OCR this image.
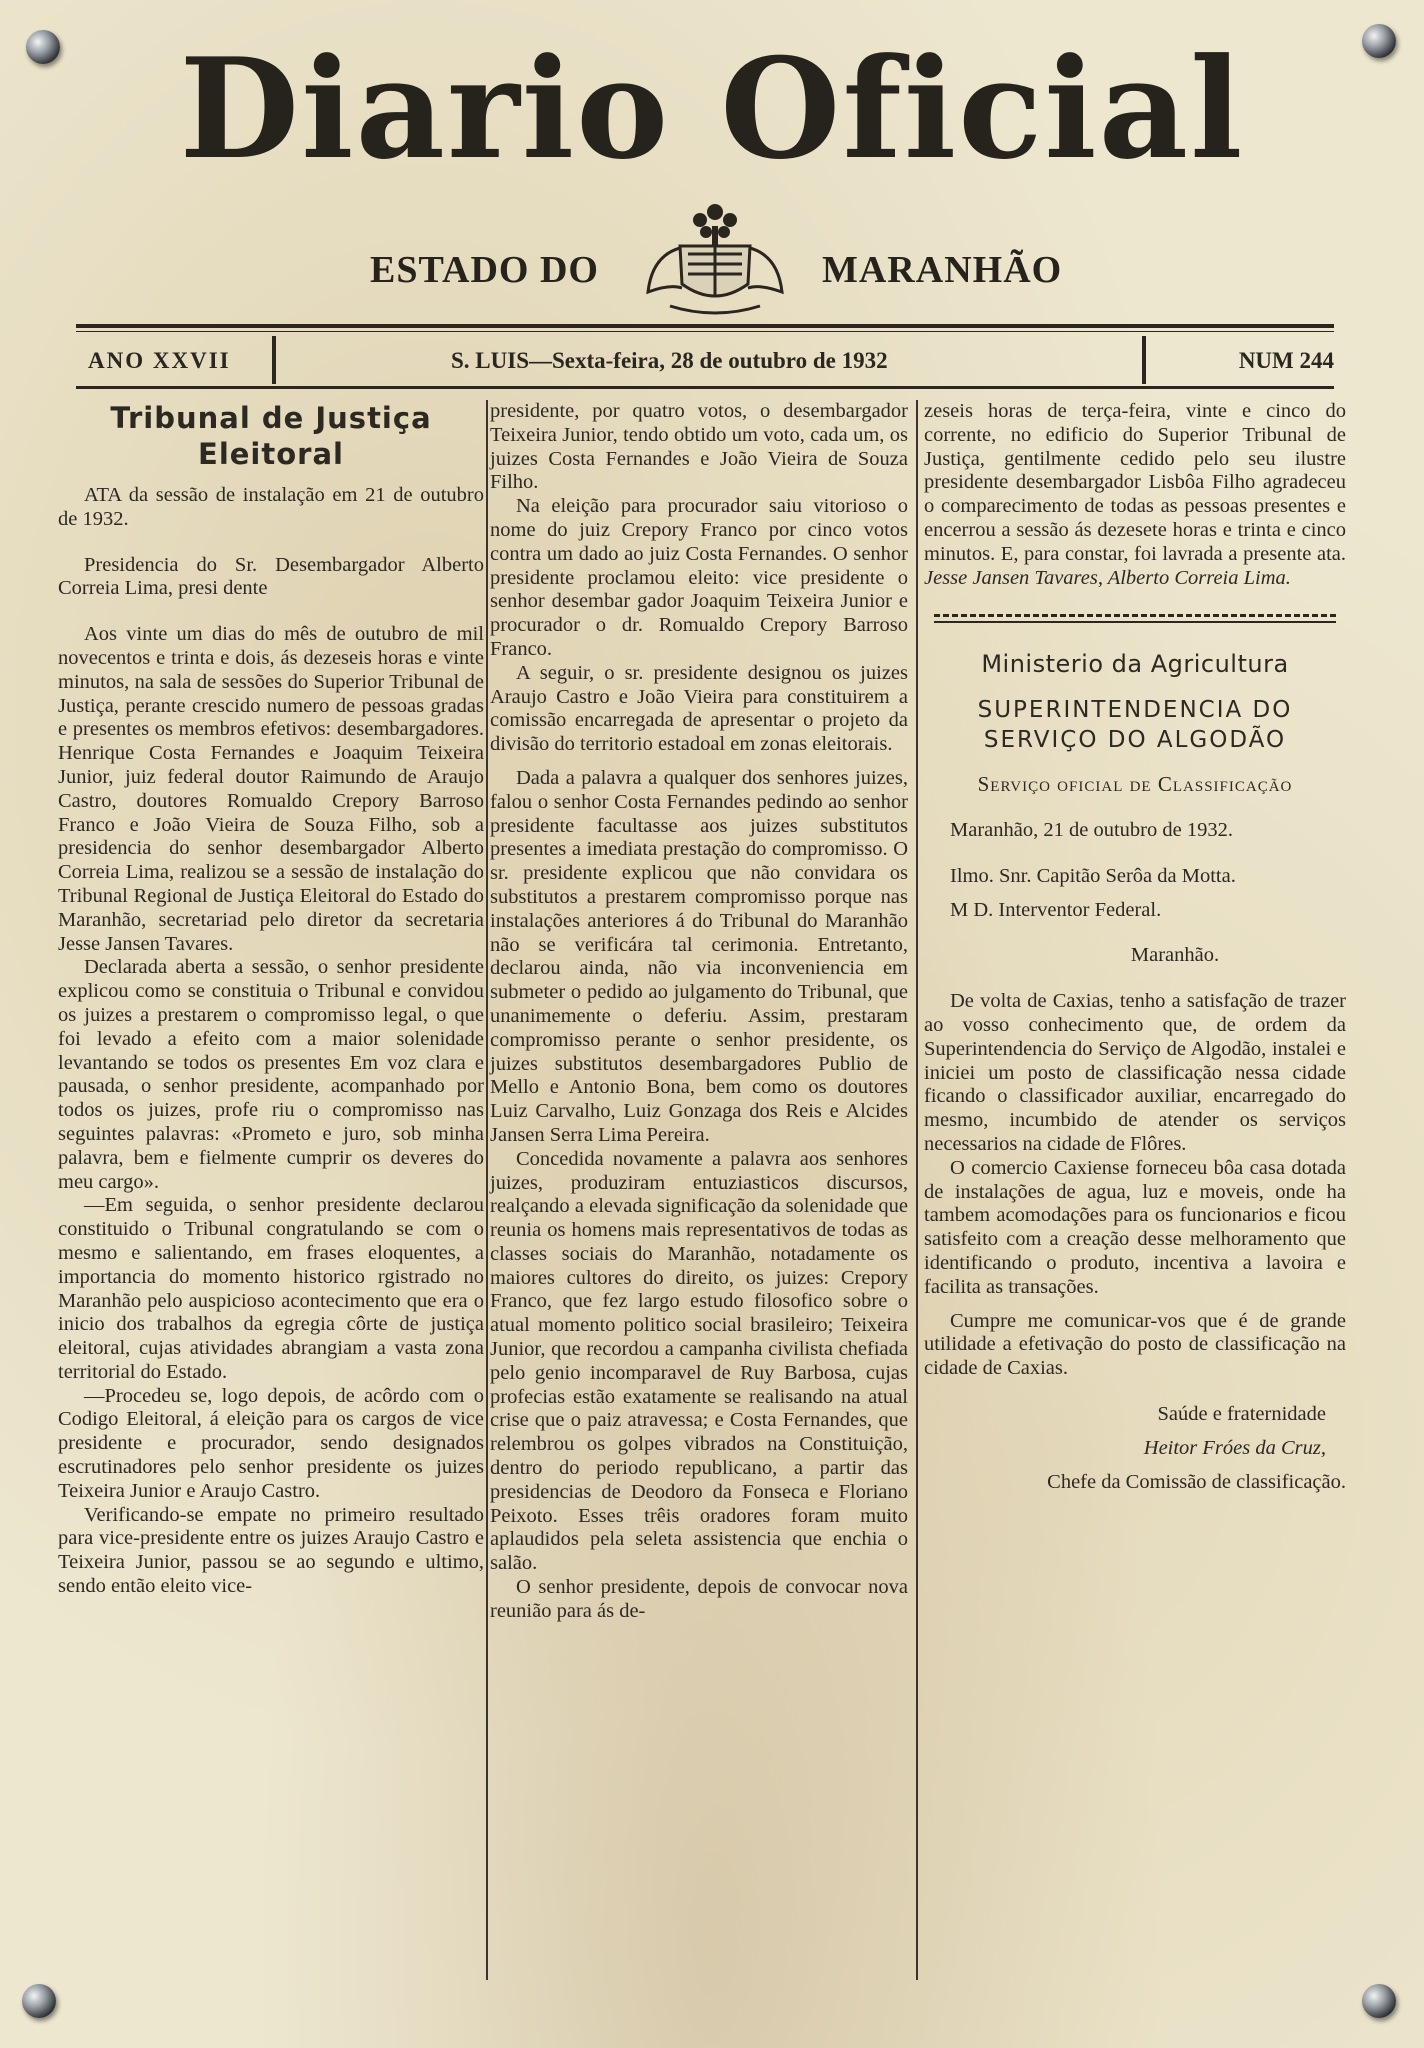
Diario Oficial
ESTADO DO	MARANHÃO
ANO XXVII	S. LUIS—Sexta-feira, 28 de outubro de 1932	NUM 244

Tribunal de Justiça
Eleitoral

ATA da sessão de instalação em 21 de outubro de 1932.

Presidencia do Sr. Desembargador Alberto Correia Lima, presi dente

Aos vinte um dias do mês de outubro de mil novecentos e trinta e dois, ás dezeseis horas e vinte minutos, na sala de sessões do Superior Tribunal de Justiça, perante crescido numero de pessoas gradas e presentes os membros efetivos: desembargadores. Henrique Costa Fernandes e Joaquim Teixeira Junior, juiz federal doutor Raimundo de Araujo Castro, doutores Romualdo Crepory Barroso Franco e João Vieira de Souza Filho, sob a presidencia do senhor desembargador Alberto Correia Lima, realizou se a sessão de instalação do Tribunal Regional de Justiça Eleitoral do Estado do Maranhão, secretariad pelo diretor da secretaria Jesse Jansen Tavares.

Declarada aberta a sessão, o senhor presidente explicou como se constituia o Tribunal e convidou os juizes a prestarem o compromisso legal, o que foi levado a efeito com a maior solenidade levantando se todos os presentes Em voz clara e pausada, o senhor presidente, acompanhado por todos os juizes, profe riu o compromisso nas seguintes palavras: «Prometo e juro, sob minha palavra, bem e fielmente cumprir os deveres do meu cargo».

—Em seguida, o senhor presidente declarou constituido o Tribunal congratulando se com o mesmo e salientando, em frases eloquentes, a importancia do momento historico rgistrado no Maranhão pelo auspicioso acontecimento que era o inicio dos trabalhos da egregia côrte de justiça eleitoral, cujas atividades abrangiam a vasta zona territorial do Estado.

—Procedeu se, logo depois, de acôrdo com o Codigo Eleitoral, á eleição para os cargos de vice presidente e procurador, sendo designados escrutinadores pelo senhor presidente os juizes Teixeira Junior e Araujo Castro.

Verificando-se empate no primeiro resultado para vice-presidente entre os juizes Araujo Castro e Teixeira Junior, passou se ao segundo e ultimo, sendo então eleito vice-

presidente, por quatro votos, o desembargador Teixeira Junior, tendo obtido um voto, cada um, os juizes Costa Fernandes e João Vieira de Souza Filho.

Na eleição para procurador saiu vitorioso o nome do juiz Crepory Franco por cinco votos contra um dado ao juiz Costa Fernandes. O senhor presidente proclamou eleito: vice presidente o senhor desembar gador Joaquim Teixeira Junior e procurador o dr. Romualdo Crepory Barroso Franco.

A seguir, o sr. presidente designou os juizes Araujo Castro e João Vieira para constituirem a comissão encarregada de apresentar o projeto da divisão do territorio estadoal em zonas eleitorais.

Dada a palavra a qualquer dos senhores juizes, falou o senhor Costa Fernandes pedindo ao senhor presidente facultasse aos juizes substitutos presentes a imediata prestação do compromisso. O sr. presidente explicou que não convidara os substitutos a prestarem compromisso porque nas instalações anteriores á do Tribunal do Maranhão não se verificára tal cerimonia. Entretanto, declarou ainda, não via inconveniencia em submeter o pedido ao julgamento do Tribunal, que unanimemente o deferiu. Assim, prestaram compromisso perante o senhor presidente, os juizes substitutos desembargadores Publio de Mello e Antonio Bona, bem como os doutores Luiz Carvalho, Luiz Gonzaga dos Reis e Alcides Jansen Serra Lima Pereira.

Concedida novamente a palavra aos senhores juizes, produziram entuziasticos discursos, realçando a elevada significação da solenidade que reunia os homens mais representativos de todas as classes sociais do Maranhão, notadamente os maiores cultores do direito, os juizes: Crepory Franco, que fez largo estudo filosofico sobre o atual momento politico social brasileiro; Teixeira Junior, que recordou a campanha civilista chefiada pelo genio incomparavel de Ruy Barbosa, cujas profecias estão exatamente se realisando na atual crise que o paiz atravessa; e Costa Fernandes, que relembrou os golpes vibrados na Constituição, dentro do periodo republicano, a partir das presidencias de Deodoro da Fonseca e Floriano Peixoto. Esses trêis oradores foram muito aplaudidos pela seleta assistencia que enchia o salão.

O senhor presidente, depois de convocar nova reunião para ás de-

zeseis horas de terça-feira, vinte e cinco do corrente, no edificio do Superior Tribunal de Justiça, gentilmente cedido pelo seu ilustre presidente desembargador Lisbôa Filho agradeceu o comparecimento de todas as pessoas presentes e encerrou a sessão ás dezesete horas e trinta e cinco minutos. E, para constar, foi lavrada a presente ata. Jesse Jansen Tavares, Alberto Correia Lima.

Ministerio da Agricultura

SUPERINTENDENCIA DO
SERVIÇO DO ALGODÃO

Serviço oficial de Classificação

Maranhão, 21 de outubro de 1932.

Ilmo. Snr. Capitão Serôa da Motta.

M D. Interventor Federal.

Maranhão.

De volta de Caxias, tenho a satisfação de trazer ao vosso conhecimento que, de ordem da Superintendencia do Serviço de Algodão, instalei e iniciei um posto de classificação nessa cidade ficando o classificador auxiliar, encarregado do mesmo, incumbido de atender os serviços necessarios na cidade de Flôres.

O comercio Caxiense forneceu bôa casa dotada de instalações de agua, luz e moveis, onde ha tambem acomodações para os funcionarios e ficou satisfeito com a creação desse melhoramento que identificando o produto, incentiva a lavoira e facilita as transações.

Cumpre me comunicar-vos que é de grande utilidade a efetivação do posto de classificação na cidade de Caxias.

Saúde e fraternidade

Heitor Fróes da Cruz,

Chefe da Comissão de classificação.
